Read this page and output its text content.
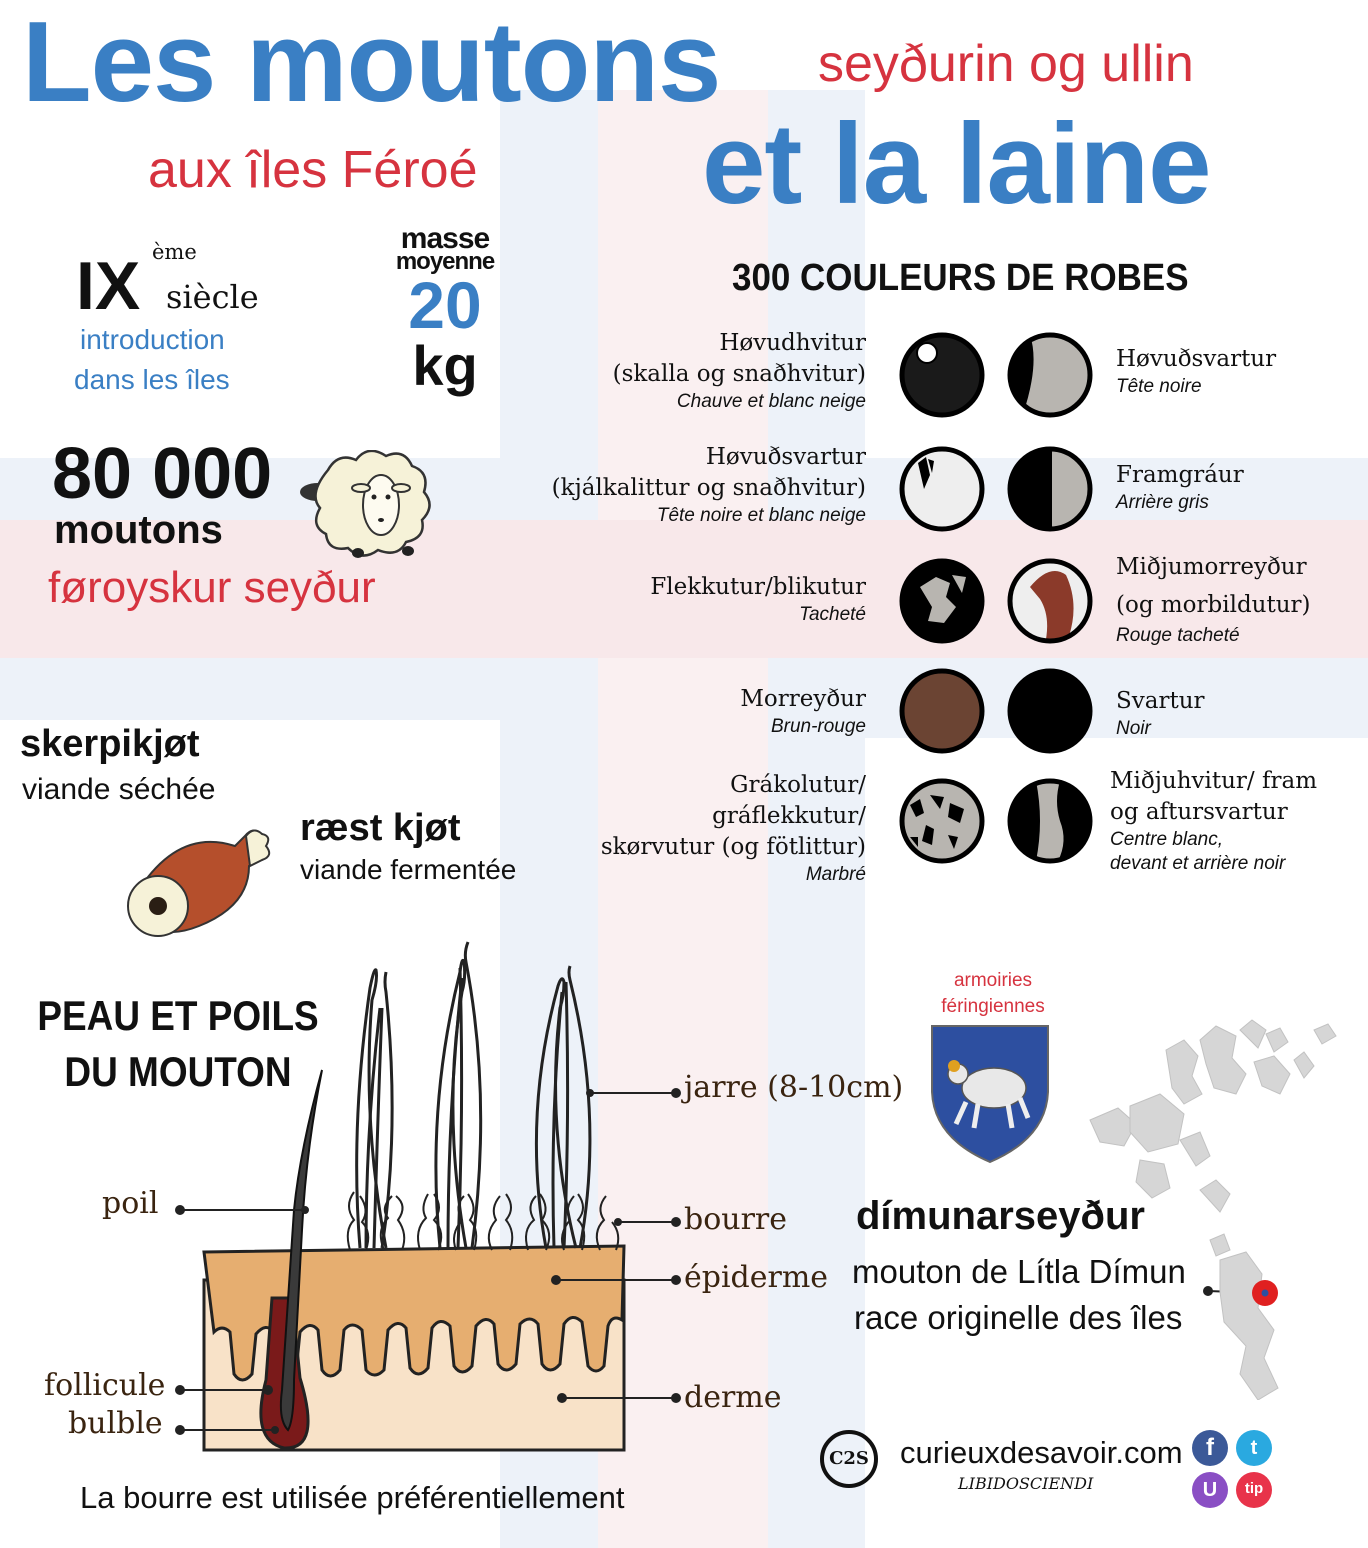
Les moutons seyðurin og ullin
aux îles Féroé et la laine
IX ème
siècle
introduction
dans les îles
masse
moyenne
20
kg
80 000
moutons
føroyskur seyður
skerpikjøt
viande séchée
ræst kjøt
viande fermentée
300 COULEURS DE ROBES
Høvudhvitur
(skalla og snaðhvitur)
Chauve et blanc neige
Høvuðsvartur
(kjálkalittur og snaðhvitur)
Tête noire et blanc neige
Flekkutur/blikutur
Tacheté
Morreyður
Brun-rouge
Grákolutur/
gráflekkutur/
skørvutur (og fötlittur)
Marbré
Høvuðsvartur
Tête noire
Framgráur
Arrière gris
Miðjumorreyður
(og morbildutur)
Rouge tacheté
Svartur
Noir
Miðjuhvitur/ fram
og aftursvartur
Centre blanc,
devant et arrière noir
PEAU ET POILS
DU MOUTON
poil
follicule
bulble
jarre (8-10cm)
bourre
épiderme
derme
La bourre est utilisée préférentiellement
armoiries
féringiennes
dímunarseyður
mouton de Lítla Dímun
race originelle des îles
C2S curieuxdesavoir.com
LIBIDOSCIENDI
f	t
U	tip
